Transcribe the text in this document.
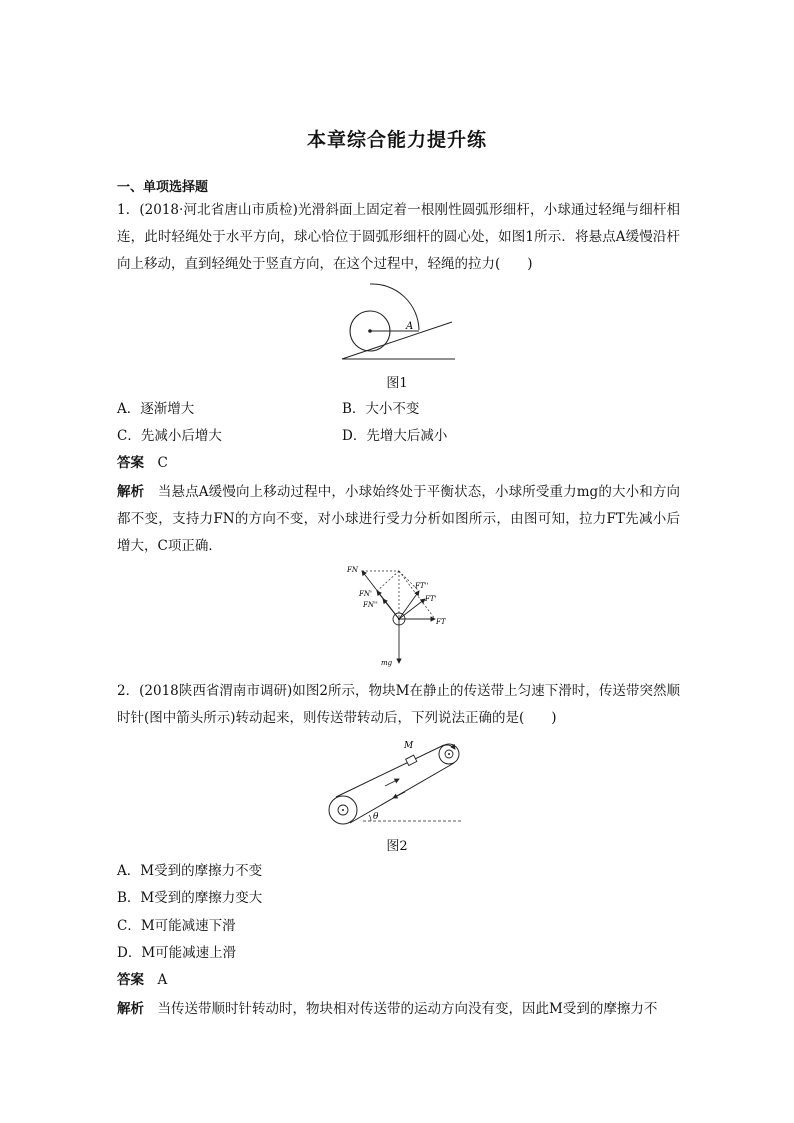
本章综合能力提升练
一、单项选择题
1．(2018·河北省唐山市质检)光滑斜面上固定着一根刚性圆弧形细杆，小球通过轻绳与细杆相连，此时轻绳处于水平方向，球心恰位于圆弧形细杆的圆心处，如图1所示．将悬点A缓慢沿杆向上移动，直到轻绳处于竖直方向，在这个过程中，轻绳的拉力(　　)
A
图1
A．逐渐增大	B．大小不变
C．先减小后增大	D．先增大后减小
答案　 C
解析　 当悬点A缓慢向上移动过程中，小球始终处于平衡状态，小球所受重力mg的大小和方向都不变，支持力FN的方向不变，对小球进行受力分析如图所示，由图可知，拉力FT先减小后增大，C项正确．
FN
FN'
FN''
FT''
FT'
FT
mg
2．(2018陕西省渭南市调研)如图2所示，物块M在静止的传送带上匀速下滑时，传送带突然顺时针(图中箭头所示)转动起来，则传送带转动后，下列说法正确的是(　　)
M
θ
图2
A．M受到的摩擦力不变
B．M受到的摩擦力变大
C．M可能减速下滑
D．M可能减速上滑
答案　 A
解析　 当传送带顺时针转动时，物块相对传送带的运动方向没有变，因此M受到的摩擦力不
